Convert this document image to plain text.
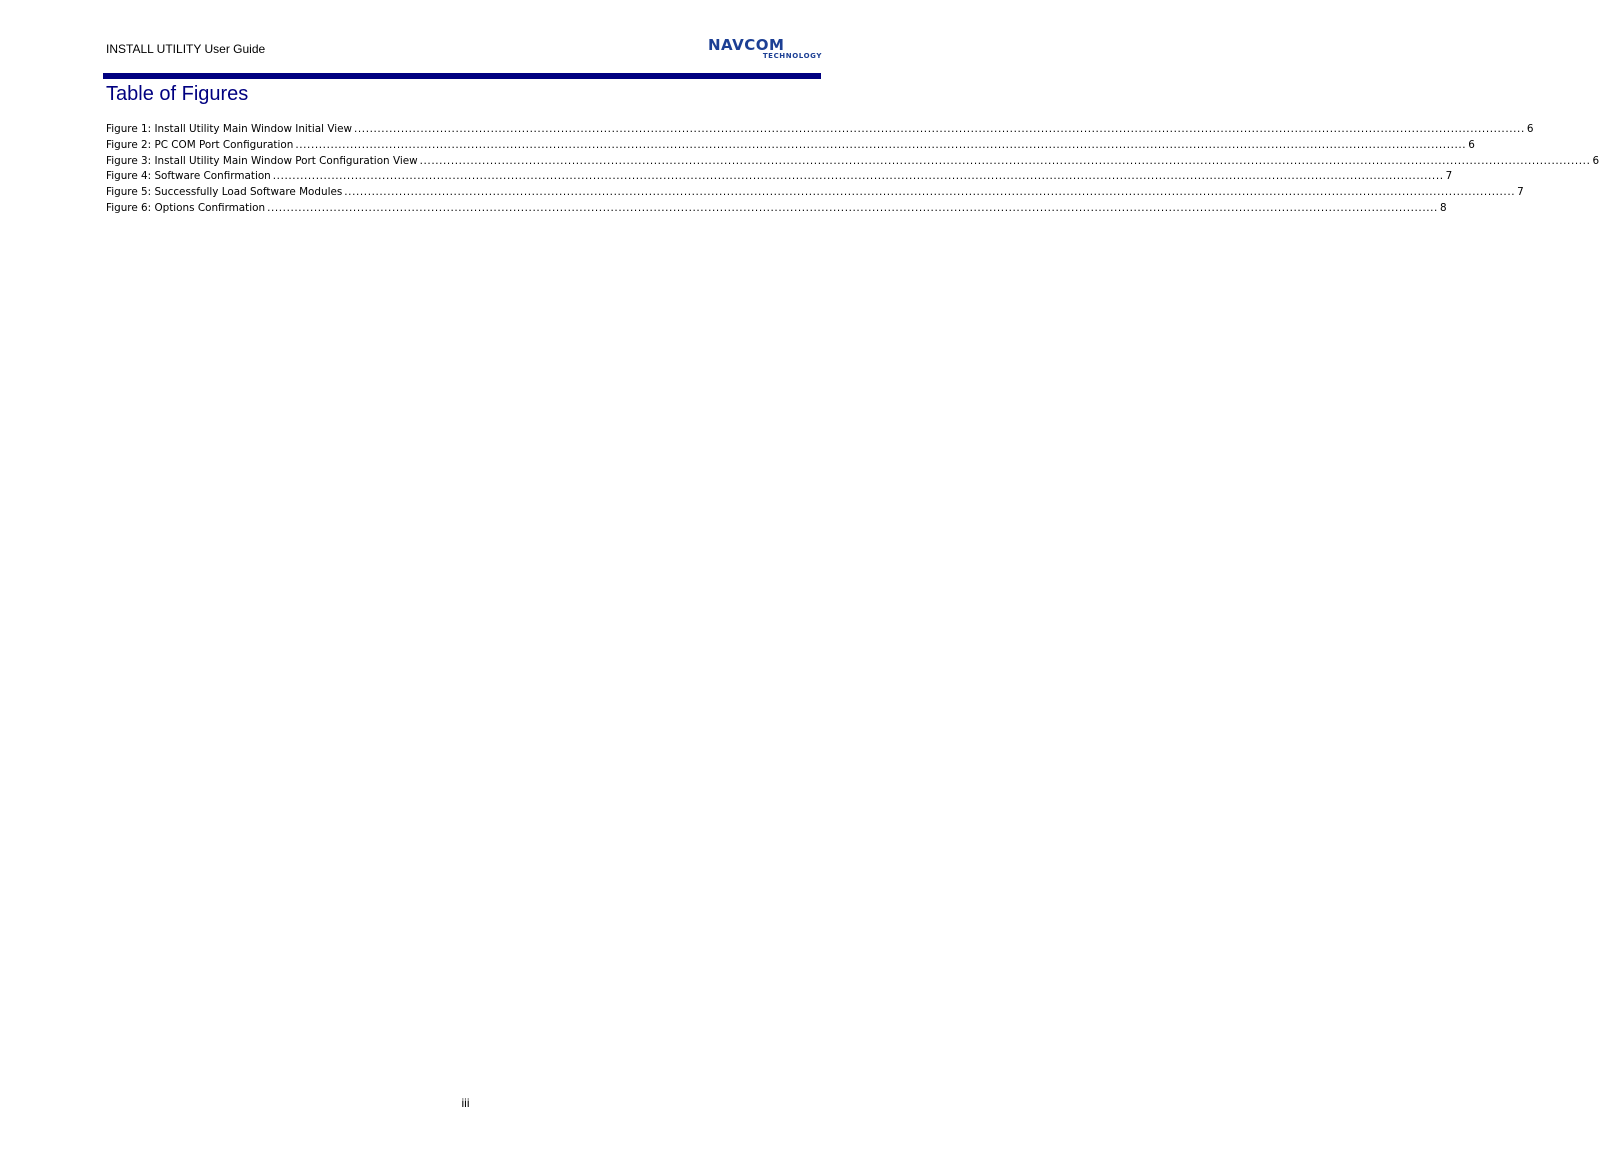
INSTALL UTILITY User Guide	NAVCOM
TECHNOLOGY
Table of Figures
Figure 1: Install Utility Main Window Initial View ............................................................................................................................................................................................................................................................................................................ 6
Figure 2: PC COM Port Configuration ............................................................................................................................................................................................................................................................................................................ 6
Figure 3: Install Utility Main Window Port Configuration View ............................................................................................................................................................................................................................................................................................................ 6
Figure 4: Software Confirmation ............................................................................................................................................................................................................................................................................................................ 7
Figure 5: Successfully Load Software Modules ............................................................................................................................................................................................................................................................................................................ 7
Figure 6: Options Confirmation ............................................................................................................................................................................................................................................................................................................ 8
iii
